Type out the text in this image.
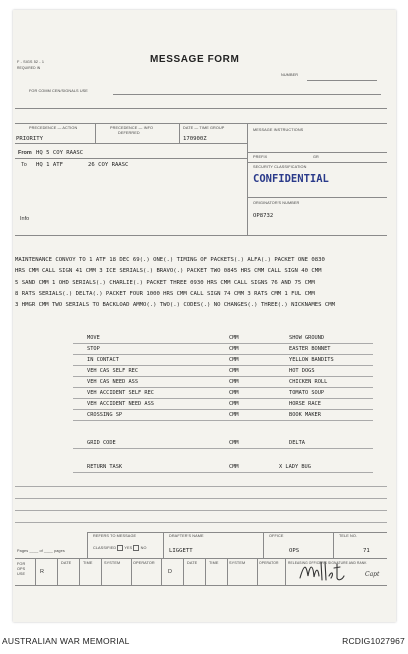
F - SIGS 52 - 1
REQUIRED IN
MESSAGE FORM
NUMBER
FOR COMM CEN/SIGNALS USE
PRECEDENCE — ACTION	PRECEDENCE — INFO
DEFERRED
DATE — TIME GROUP	MESSAGE INSTRUCTIONS
PRIORITY	170900Z
PREFIX	GR
From HQ 5 COY RAASC
To HQ 1 ATF	26 COY RAASC	SECURITY CLASSIFICATION
CONFIDENTIAL
ORIGINATOR'S NUMBER
OP8732
Info
MAINTENANCE CONVOY TO 1 ATF 18 DEC 69(.) ONE(.) TIMING OF PACKETS(.) ALFA(.) PACKET ONE 0830
HRS CMM CALL SIGN 41 CMM 3 ICE SERIALS(.) BRAVO(.) PACKET TWO 0845 HRS CMM CALL SIGN 40 CMM
5 SAND CMM 1 OHD SERIALS(.) CHARLIE(.) PACKET THREE 0930 HRS CMM CALL SIGNS 76 AND 75 CMM
8 RATS SERIALS(.) DELTA(.) PACKET FOUR 1000 HRS CMM CALL SIGN 74 CMM 3 RATS CMM 1 FUL CMM
3 HMGR CMM TWO SERIALS TO BACKLOAD AMMO(.) TWO(.) CODES(.) NO CHANGES(.) THREE(.) NICKNAMES CMM
MOVE	CMM	SHOW GROUND
STOP	CMM	EASTER BONNET
IN CONTACT	CMM	YELLOW BANDITS
VEH CAS SELF REC	CMM	HOT DOGS
VEH CAS NEED ASS	CMM	CHICKEN ROLL
VEH ACCIDENT SELF REC	CMM	TOMATO SOUP
VEH ACCIDENT NEED ASS	CMM	HORSE RACE
CROSSING SP	CMM	BOOK MAKER
GRID CODE	CMM	DELTA
RETURN TASK	CMM	X LADY BUG
REFERS TO MESSAGE	DRAFTER'S NAME	OFFICE	TELE NO.
CLASSIFIED YES NO	LIGGETT	OPS	71
Pages ____ of ____ pages
FOR OPS USE	R
DATE	TIME	SYSTEM	OPERATOR
D
DATE	TIME	SYSTEM	OPERATOR	RELEASING OFFICER'S SIGNATURE AND RANK
Capt
AUSTRALIAN WAR MEMORIAL	RCDIG1027967
